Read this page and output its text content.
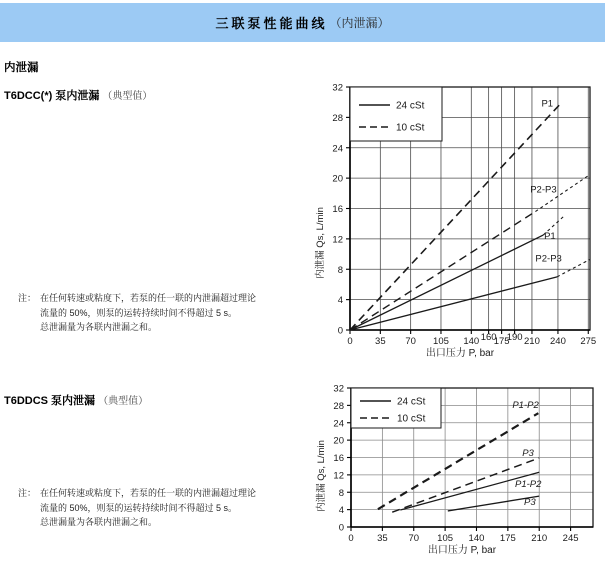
三联泵性能曲线 （内泄漏）
内泄漏
T6DCC(*) 泵内泄漏 （典型值）
T6DDCS 泵内泄漏 （典型值）
注： 在任何转速或粘度下，若泵的任一联的内泄漏超过理论
流量的 50%，则泵的运转持续时间不得超过 5 s。
总泄漏量为各联内泄漏之和。
注： 在任何转速或粘度下，若泵的任一联的内泄漏超过理论
流量的 50%，则泵的运转持续时间不得超过 5 s。
总泄漏量为各联内泄漏之和。
0 35 70 105 140 160
175
190 210 240 275
0
4
8
12
16
20
24
28
32
24 cSt
10 cSt
P1
P2-P3
P1
P2-P3
出口压力 P, bar
内泄漏 Qs, L/min
0 35 70 105 140 175 210 245
0
4
8
12
16
20
24
28
32
24 cSt
10 cSt
P1-P2
P3
P1-P2
P3
出口压力 P, bar
内泄漏 Qs, L/min
